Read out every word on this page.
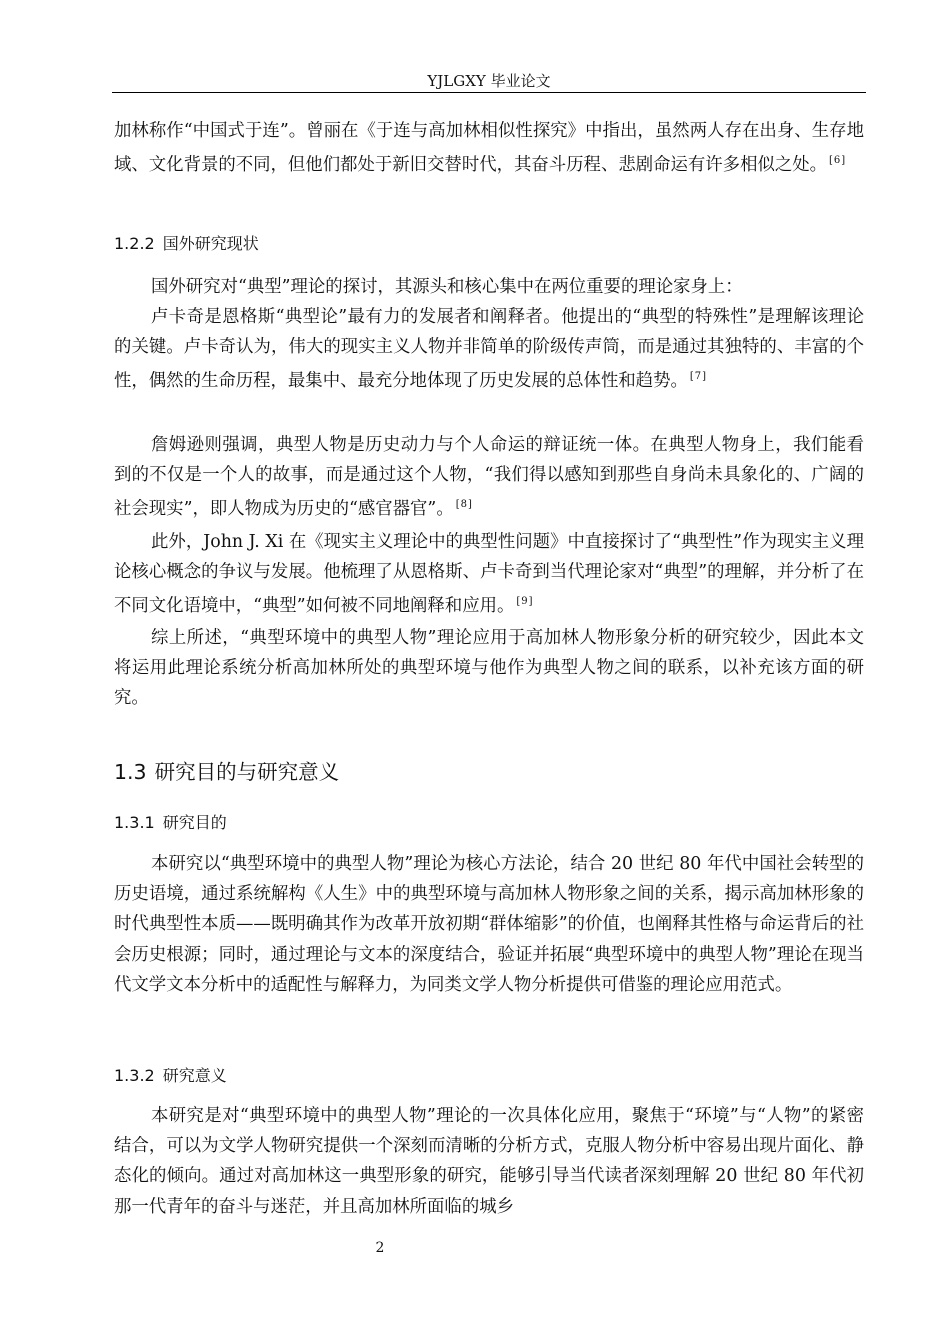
YJLGXY 毕业论文

加林称作“中国式于连”。曾丽在《于连与高加林相似性探究》中指出，虽然两人存在出身、生存地域、文化背景的不同，但他们都处于新旧交替时代，其奋斗历程、悲剧命运有许多相似之处。 [6]

1.2.2 国外研究现状

国外研究对“典型”理论的探讨，其源头和核心集中在两位重要的理论家身上：

卢卡奇是恩格斯“典型论”最有力的发展者和阐释者。他提出的“典型的特殊性”是理解该理论的关键。卢卡奇认为，伟大的现实主义人物并非简单的阶级传声筒，而是通过其独特的、丰富的个性，偶然的生命历程，最集中、最充分地体现了历史发展的总体性和趋势。 [7]

詹姆逊则强调，典型人物是历史动力与个人命运的辩证统一体。在典型人物身上，我们能看到的不仅是一个人的故事，而是通过这个人物，“我们得以感知到那些自身尚未具象化的、广阔的社会现实”，即人物成为历史的“感官器官”。 [8]

此外，John J. Xi 在《现实主义理论中的典型性问题》中直接探讨了“典型性”作为现实主义理论核心概念的争议与发展。他梳理了从恩格斯、卢卡奇到当代理论家对“典型”的理解，并分析了在不同文化语境中，“典型”如何被不同地阐释和应用。 [9]

综上所述，“典型环境中的典型人物”理论应用于高加林人物形象分析的研究较少，因此本文将运用此理论系统分析高加林所处的典型环境与他作为典型人物之间的联系，以补充该方面的研究。

1.3 研究目的与研究意义
1.3.1 研究目的

本研究以“典型环境中的典型人物”理论为核心方法论，结合 20 世纪 80 年代中国社会转型的历史语境，通过系统解构《人生》中的典型环境与高加林人物形象之间的关系，揭示高加林形象的时代典型性本质——既明确其作为改革开放初期“群体缩影”的价值，也阐释其性格与命运背后的社会历史根源；同时，通过理论与文本的深度结合，验证并拓展“典型环境中的典型人物”理论在现当代文学文本分析中的适配性与解释力，为同类文学人物分析提供可借鉴的理论应用范式。

1.3.2 研究意义

本研究是对“典型环境中的典型人物”理论的一次具体化应用，聚焦于“环境”与“人物”的紧密结合，可以为文学人物研究提供一个深刻而清晰的分析方式，克服人物分析中容易出现片面化、静态化的倾向。通过对高加林这一典型形象的研究，能够引导当代读者深刻理解 20 世纪 80 年代初那一代青年的奋斗与迷茫，并且高加林所面临的城乡

2
